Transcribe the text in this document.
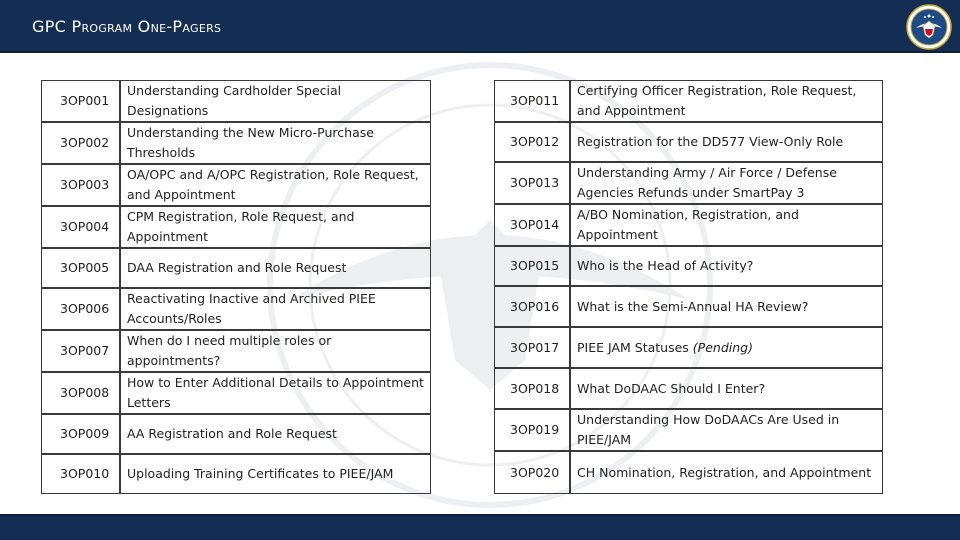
GPC Program One-Pagers
3OP001	Understanding Cardholder Special Designations
3OP002	Understanding the New Micro-Purchase Thresholds
3OP003	OA/OPC and A/OPC Registration, Role Request, and Appointment
3OP004	CPM Registration, Role Request, and Appointment
3OP005	DAA Registration and Role Request
3OP006	Reactivating Inactive and Archived PIEE Accounts/Roles
3OP007	When do I need multiple roles or appointments?
3OP008	How to Enter Additional Details to Appointment Letters
3OP009	AA Registration and Role Request
3OP010	Uploading Training Certificates to PIEE/JAM
3OP011	Certifying Officer Registration, Role Request, and Appointment
3OP012	Registration for the DD577 View-Only Role
3OP013	Understanding Army / Air Force / Defense Agencies Refunds under SmartPay 3
3OP014	A/BO Nomination, Registration, and Appointment
3OP015	Who is the Head of Activity?
3OP016	What is the Semi-Annual HA Review?
3OP017	PIEE JAM Statuses (Pending)
3OP018	What DoDAAC Should I Enter?
3OP019	Understanding How DoDAACs Are Used in PIEE/JAM
3OP020	CH Nomination, Registration, and Appointment
